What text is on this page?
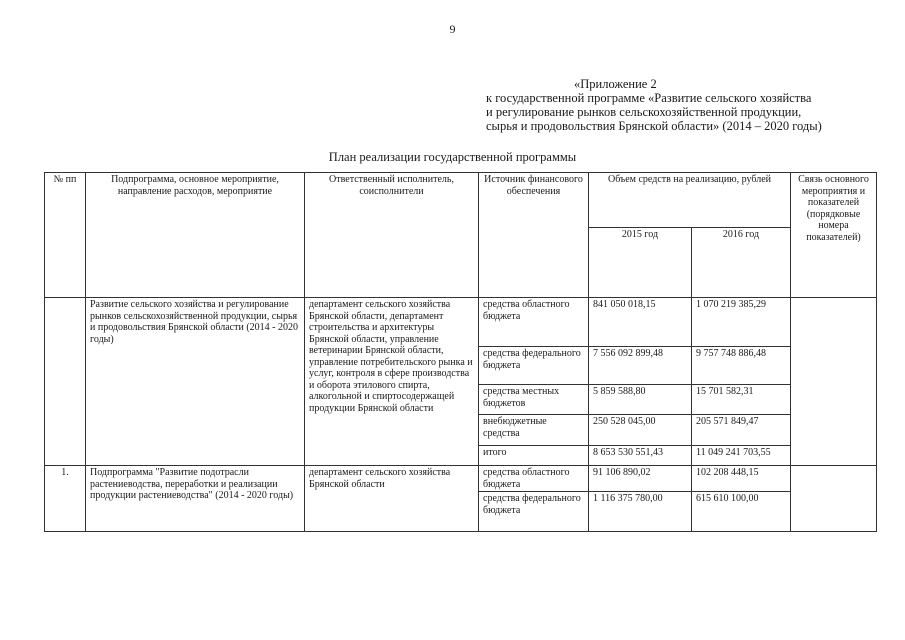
9
«Приложение 2
к государственной программе «Развитие сельского хозяйства
и регулирование рынков сельскохозяйственной продукции,
сырья и продовольствия Брянской области» (2014 – 2020 годы)
План реализации государственной программы
№ пп	Подпрограмма, основное мероприятие, направление расходов, мероприятие	Ответственный исполнитель, соисполнители	Источник финансового обеспечения	Объем средств на реализацию, рублей		Связь основного мероприятия и показателей (порядковые номера показателей)
				2015 год	2016 год	
	Развитие сельского хозяйства и регулирование рынков сельскохозяйственной продукции, сырья и продовольствия Брянской области (2014 - 2020 годы)	департамент сельского хозяйства Брянской области, департамент строительства и архитектуры Брянской области, управление ветеринарии Брянской области, управление потребительского рынка и услуг, контроля в сфере производства и оборота этилового спирта, алкогольной и спиртосодержащей продукции Брянской области	средства областного бюджета	841 050 018,15	1 070 219 385,29	
			средства федерального бюджета	7 556 092 899,48	9 757 748 886,48	
			средства местных бюджетов	5 859 588,80	15 701 582,31	
			внебюджетные средства	250 528 045,00	205 571 849,47	
			итого	8 653 530 551,43	11 049 241 703,55	
1.	Подпрограмма "Развитие подотрасли растениеводства, переработки и реализации продукции растениеводства" (2014 - 2020 годы)	департамент сельского хозяйства Брянской области	средства областного бюджета	91 106 890,02	102 208 448,15	
			средства федерального бюджета	1 116 375 780,00	615 610 100,00	
